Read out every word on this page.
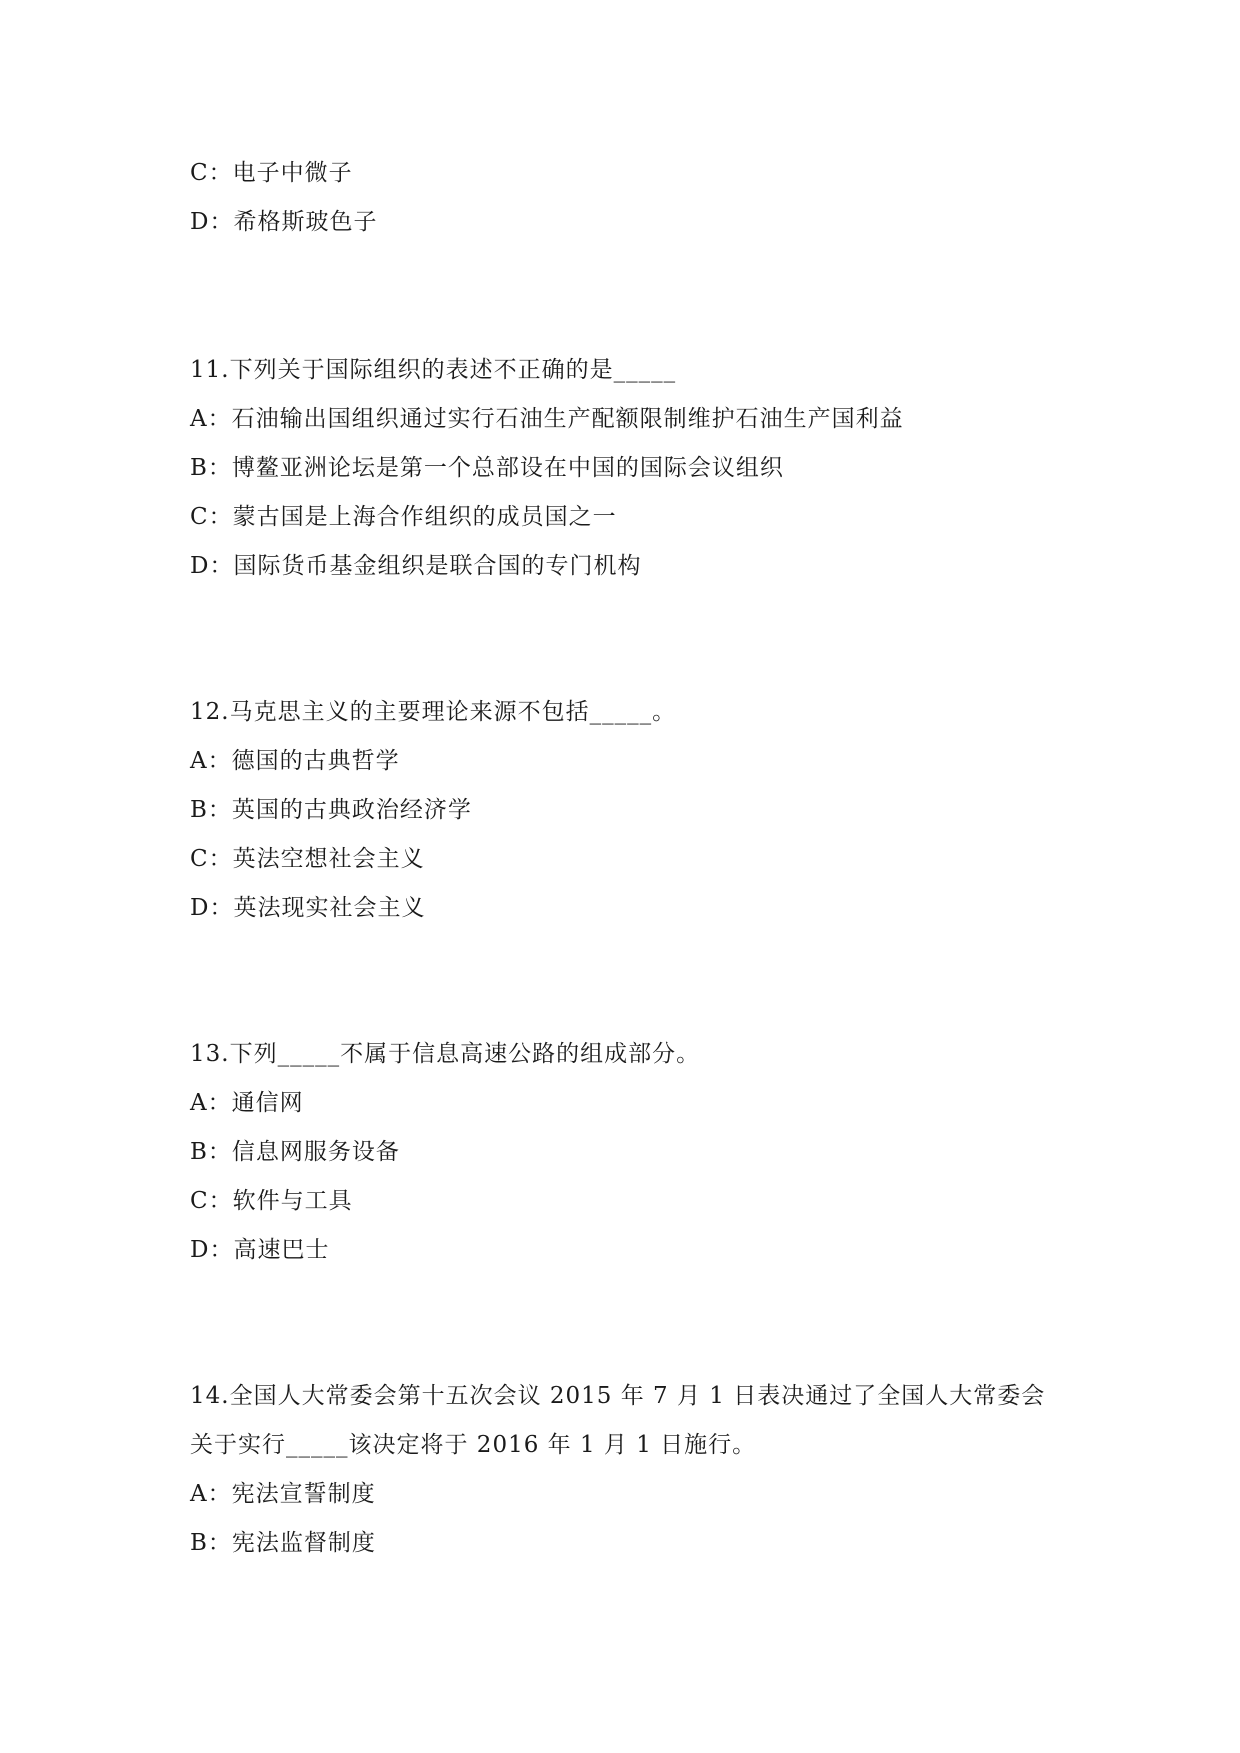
C：电子中微子
D：希格斯玻色子
11.下列关于国际组织的表述不正确的是_____
A：石油输出国组织通过实行石油生产配额限制维护石油生产国利益
B：博鳌亚洲论坛是第一个总部设在中国的国际会议组织
C：蒙古国是上海合作组织的成员国之一
D：国际货币基金组织是联合国的专门机构
12.马克思主义的主要理论来源不包括_____。
A：德国的古典哲学
B：英国的古典政治经济学
C：英法空想社会主义
D：英法现实社会主义
13.下列_____不属于信息高速公路的组成部分。
A：通信网
B：信息网服务设备
C：软件与工具
D：高速巴士
14.全国人大常委会第十五次会议 2015 年 7 月 1 日表决通过了全国人大常委会
关于实行_____该决定将于 2016 年 1 月 1 日施行。
A：宪法宣誓制度
B：宪法监督制度
